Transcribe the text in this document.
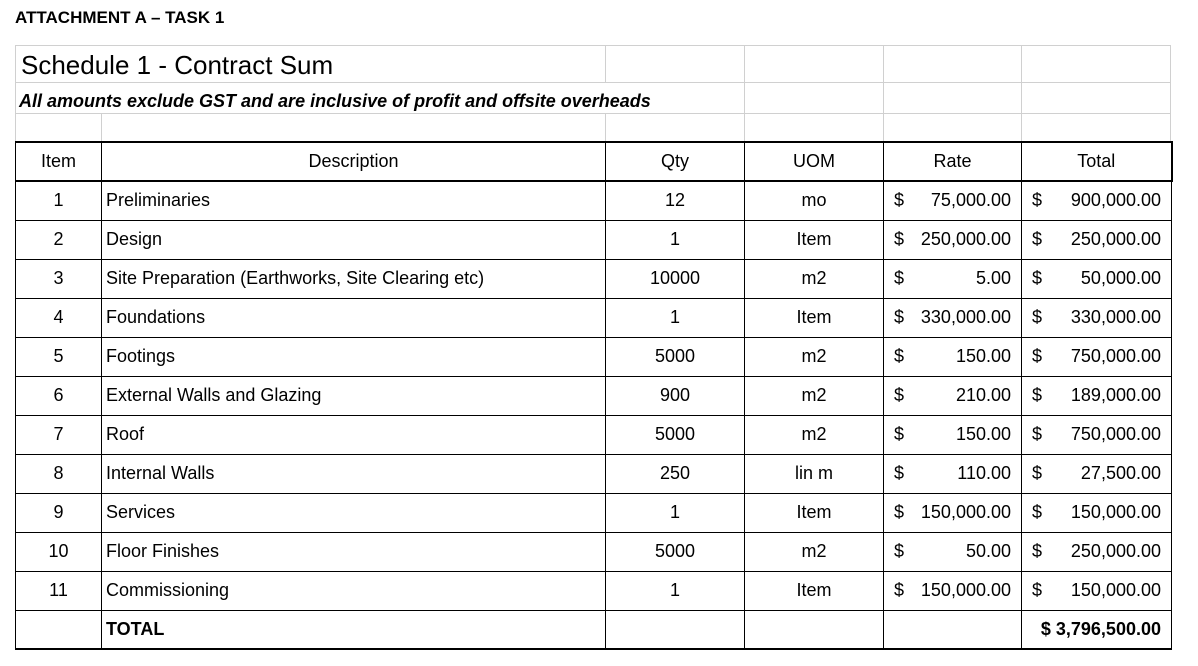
ATTACHMENT A – TASK 1
Schedule 1 - Contract Sum
All amounts exclude GST and are inclusive of profit and offsite overheads
Item	Description	Qty	UOM	Rate	Total
1	Preliminaries	12	mo	$ 75,000.00	$ 900,000.00

2	Design	1	Item	$ 250,000.00	$ 250,000.00

3	Site Preparation (Earthworks, Site Clearing etc)	10000	m2	$ 5.00	$ 50,000.00

4	Foundations	1	Item	$ 330,000.00	$ 330,000.00

5	Footings	5000	m2	$ 150.00	$ 750,000.00

6	External Walls and Glazing	900	m2	$ 210.00	$ 189,000.00

7	Roof	5000	m2	$ 150.00	$ 750,000.00

8	Internal Walls	250	lin m	$ 110.00	$ 27,500.00

9	Services	1	Item	$ 150,000.00	$ 150,000.00

10	Floor Finishes	5000	m2	$ 50.00	$ 250,000.00

11	Commissioning	1	Item	$ 150,000.00	$ 150,000.00

	TOTAL				$ 3,796,500.00
